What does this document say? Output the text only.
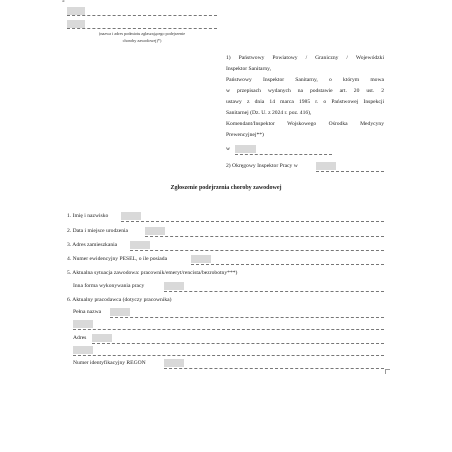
5
(nazwa i adres podmiotu zgłaszającego podejrzenie
choroby zawodowej)*)
1) Państwowy Powiatowy / Graniczny / Wojewódzki
Inspektor Sanitarny,
Państwowy Inspektor Sanitarny, o którym mowa
w przepisach wydanych na podstawie art. 20 ust. 2
ustawy z dnia 14 marca 1985 r. o Państwowej Inspekcji
Sanitarnej (Dz. U. z 2024 r. poz. 416),
Komendant/Inspektor Wojskowego Ośrodka Medycyny
Prewencyjnej**)
w
2) Okręgowy Inspektor Pracy w
Zgłoszenie podejrzenia choroby zawodowej
1. Imię i nazwisko
2. Data i miejsce urodzenia
3. Adres zamieszkania
4. Numer ewidencyjny PESEL, o ile posiada
5. Aktualna sytuacja zawodowa: pracownik/emeryt/rencista/bezrobotny***)
Inna forma wykonywania pracy
6. Aktualny pracodawca (dotyczy pracownika)
Pełna nazwa
Adres
Numer identyfikacyjny REGON
